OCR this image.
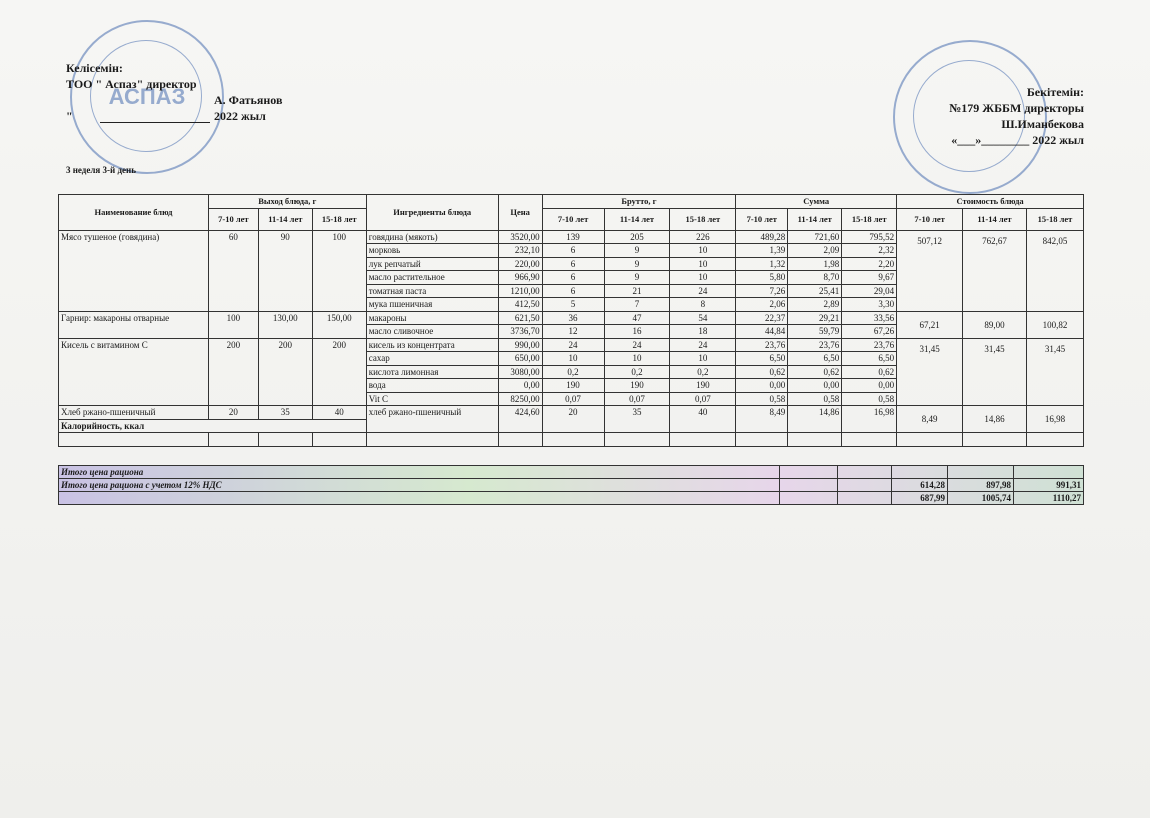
АСПАЗ
Келісемін:
ТОО " Аспаз" директор
А. Фатьянов
"	2022 жыл
Бекітемін:
№179 ЖББМ директоры
Ш.Иманбекова
«___»________ 2022 жыл
3 неделя 3-й день
Наименование блюд	Выход блюда, г			Ингредиенты блюда	Цена	Брутто, г			Сумма			Стоимость блюда		
	7-10 лет	11-14 лет	15-18 лет			7-10 лет	11-14 лет	15-18 лет	7-10 лет	11-14 лет	15-18 лет	7-10 лет	11-14 лет	15-18 лет
Мясо тушеное (говядина)	60	90	100	говядина (мякоть)	3520,00	139	205	226	489,28	721,60	795,52	507,12	762,67	842,05
				морковь	232,10	6	9	10	1,39	2,09	2,32			
				лук репчатый	220,00	6	9	10	1,32	1,98	2,20			
				масло растительное	966,90	6	9	10	5,80	8,70	9,67			
				томатная паста	1210,00	6	21	24	7,26	25,41	29,04			
				мука пшеничная	412,50	5	7	8	2,06	2,89	3,30			
Гарнир: макароны отварные	100	130,00	150,00	макароны	621,50	36	47	54	22,37	29,21	33,56	67,21	89,00	100,82
				масло сливочное	3736,70	12	16	18	44,84	59,79	67,26			
Кисель с витамином С	200	200	200	кисель из концентрата	990,00	24	24	24	23,76	23,76	23,76	31,45	31,45	31,45
				сахар	650,00	10	10	10	6,50	6,50	6,50			
				кислота лимонная	3080,00	0,2	0,2	0,2	0,62	0,62	0,62			
				вода	0,00	190	190	190	0,00	0,00	0,00			
				Vit C	8250,00	0,07	0,07	0,07	0,58	0,58	0,58			
Хлеб ржано-пшеничный	20	35	40	хлеб ржано-пшеничный	424,60	20	35	40	8,49	14,86	16,98	8,49	14,86	16,98
Калорийность, ккал														

Итого цена рациона					
Итого цена рациона с учетом 12% НДС			614,28	897,98	991,31
			687,99	1005,74	1110,27
